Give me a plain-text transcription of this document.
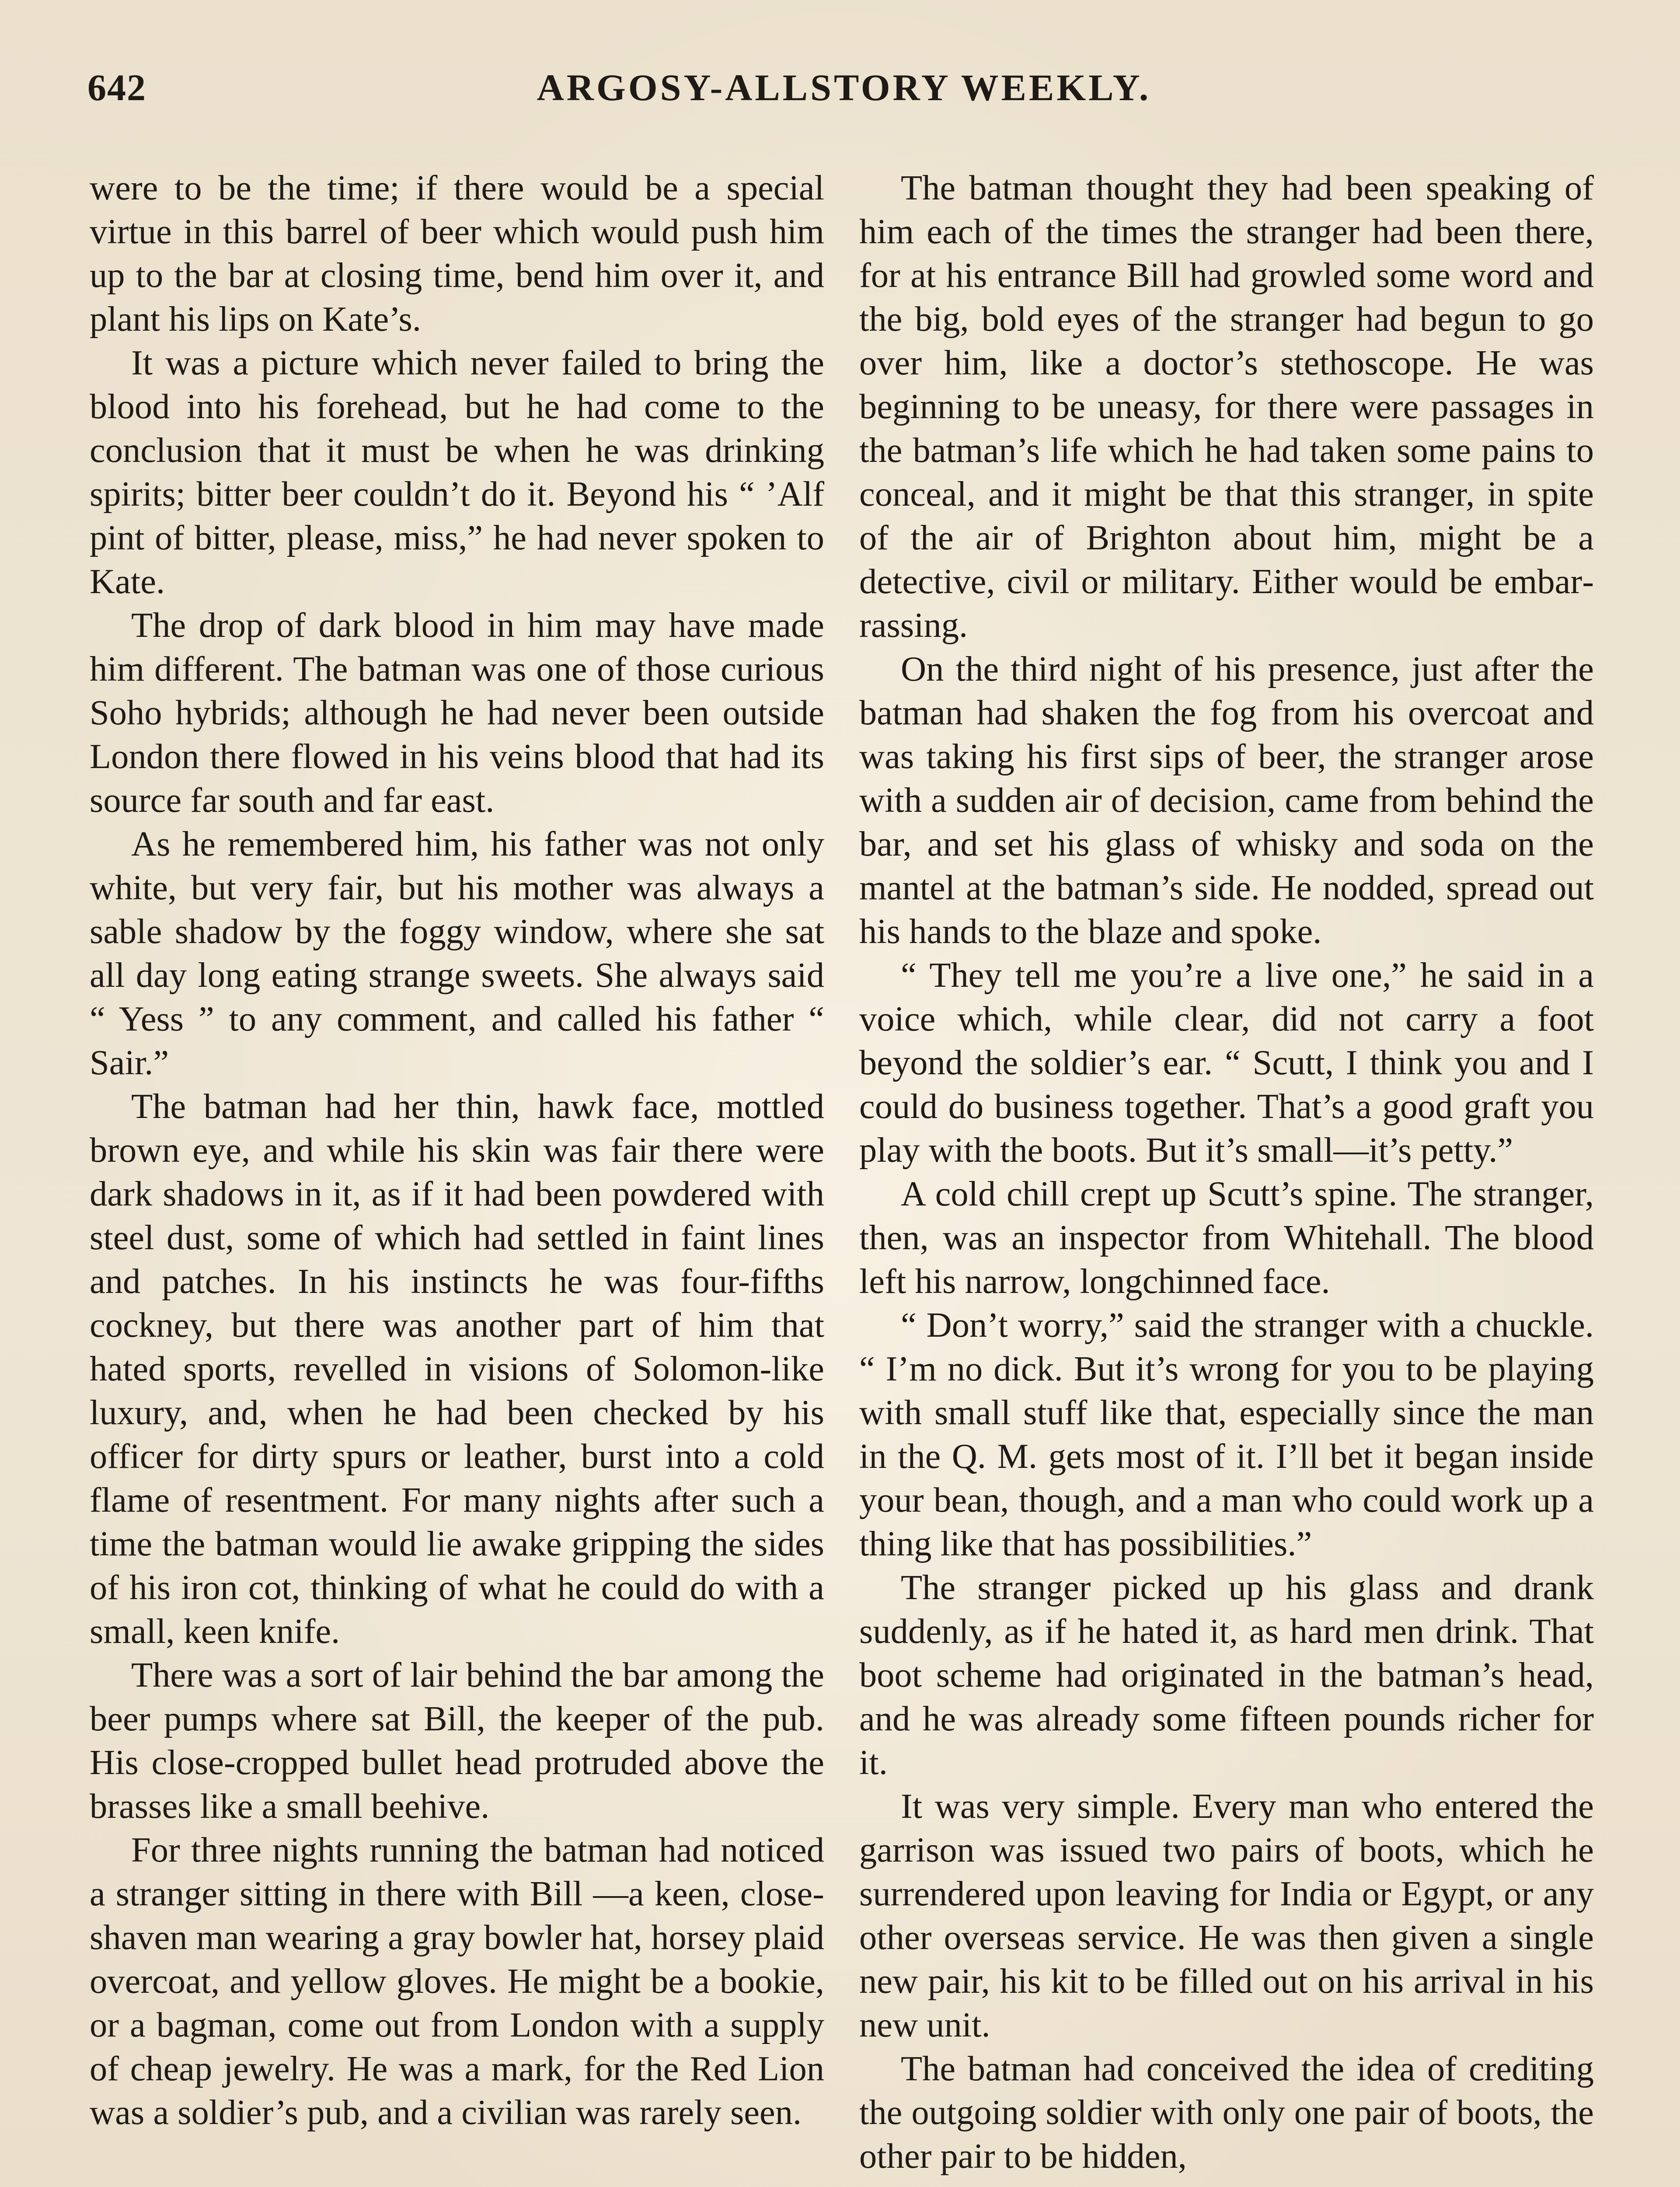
642	ARGOSY-ALLSTORY WEEKLY.

were to be the time; if there would be a special virtue in this barrel of beer which would push him up to the bar at closing time, bend him over it, and plant his lips on Kate’s.

It was a picture which never failed to bring the blood into his forehead, but he had come to the conclusion that it must be when he was drinking spirits; bitter beer couldn’t do it. Beyond his “ ’Alf pint of bitter, please, miss,” he had never spoken to Kate.

The drop of dark blood in him may have made him different. The batman was one of those curious Soho hybrids; although he had never been outside London there flowed in his veins blood that had its source far south and far east.

As he remembered him, his father was not only white, but very fair, but his mother was always a sable shadow by the foggy window, where she sat all day long eating strange sweets. She always said “ Yess ” to any comment, and called his father “ Sair.”

The batman had her thin, hawk face, mottled brown eye, and while his skin was fair there were dark shadows in it, as if it had been powdered with steel dust, some of which had settled in faint lines and patches. In his instincts he was four-fifths cockney, but there was another part of him that hated sports, revelled in visions of Solomon-like luxury, and, when he had been checked by his officer for dirty spurs or leather, burst into a cold flame of resentment. For many nights after such a time the batman would lie awake gripping the sides of his iron cot, thinking of what he could do with a small, keen knife.

There was a sort of lair behind the bar among the beer pumps where sat Bill, the keeper of the pub. His close-cropped bullet head protruded above the brasses like a small beehive.

For three nights running the batman had noticed a stranger sitting in there with Bill —a keen, close-shaven man wearing a gray bowler hat, horsey plaid overcoat, and yellow gloves. He might be a bookie, or a bagman, come out from London with a supply of cheap jewelry. He was a mark, for the Red Lion was a soldier’s pub, and a civilian was rarely seen.

The batman thought they had been speaking of him each of the times the stranger had been there, for at his entrance Bill had growled some word and the big, bold eyes of the stranger had begun to go over him, like a doctor’s stethoscope. He was beginning to be uneasy, for there were passages in the batman’s life which he had taken some pains to conceal, and it might be that this stranger, in spite of the air of Brighton about him, might be a detective, civil or military. Either would be embarrassing.

On the third night of his presence, just after the batman had shaken the fog from his overcoat and was taking his first sips of beer, the stranger arose with a sudden air of decision, came from behind the bar, and set his glass of whisky and soda on the mantel at the batman’s side. He nodded, spread out his hands to the blaze and spoke.

“ They tell me you’re a live one,” he said in a voice which, while clear, did not carry a foot beyond the soldier’s ear. “ Scutt, I think you and I could do business together. That’s a good graft you play with the boots. But it’s small—it’s petty.”

A cold chill crept up Scutt’s spine. The stranger, then, was an inspector from Whitehall. The blood left his narrow, longchinned face.

“ Don’t worry,” said the stranger with a chuckle. “ I’m no dick. But it’s wrong for you to be playing with small stuff like that, especially since the man in the Q. M. gets most of it. I’ll bet it began inside your bean, though, and a man who could work up a thing like that has possibilities.”

The stranger picked up his glass and drank suddenly, as if he hated it, as hard men drink. That boot scheme had originated in the batman’s head, and he was already some fifteen pounds richer for it.

It was very simple. Every man who entered the garrison was issued two pairs of boots, which he surrendered upon leaving for India or Egypt, or any other overseas service. He was then given a single new pair, his kit to be filled out on his arrival in his new unit.

The batman had conceived the idea of crediting the outgoing soldier with only one pair of boots, the other pair to be hidden,
